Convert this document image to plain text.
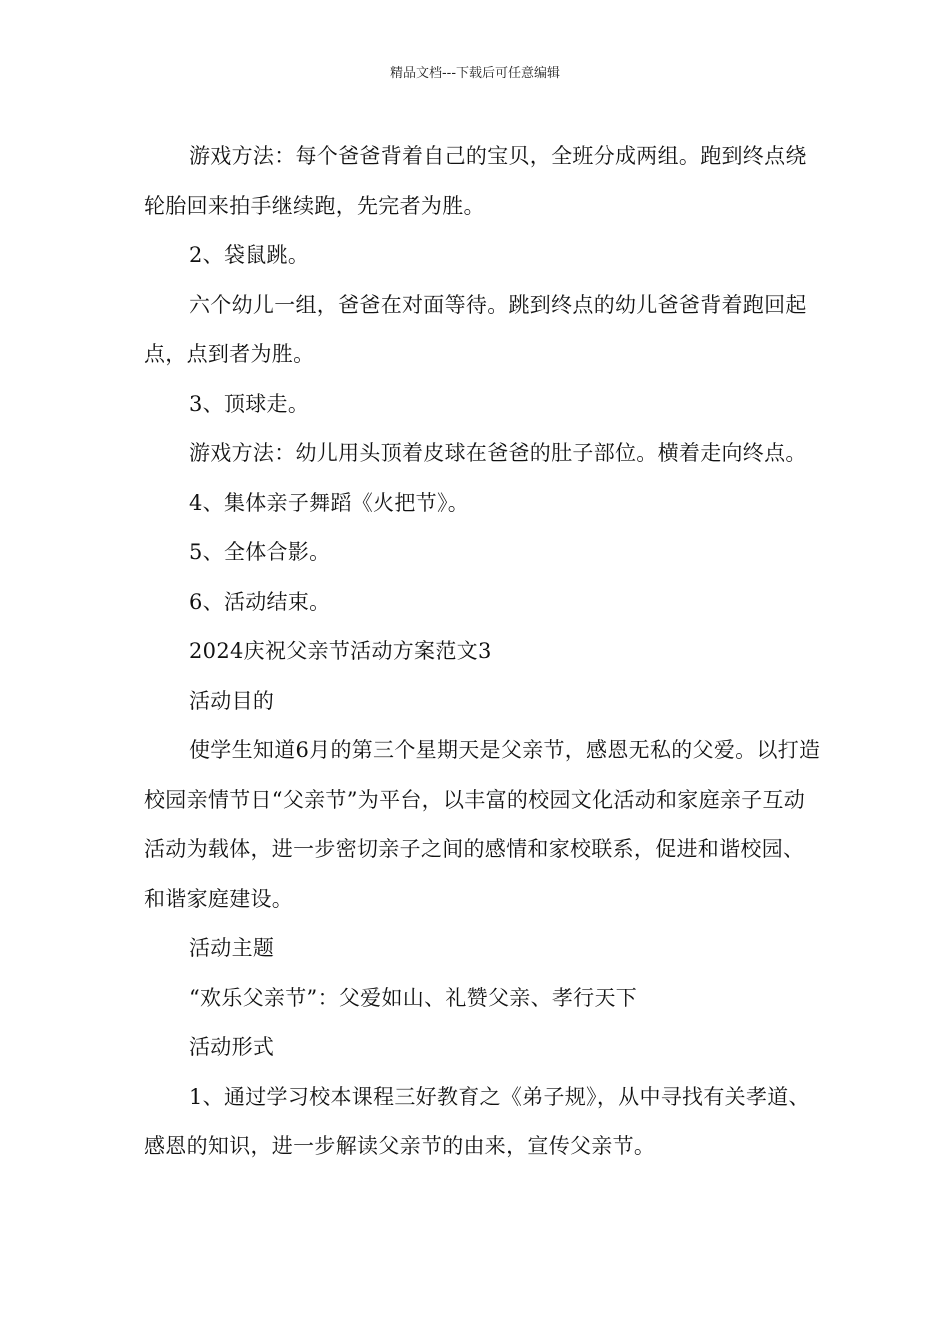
精品文档---下载后可任意编辑

游戏方法：每个爸爸背着自己的宝贝，全班分成两组。跑到终点绕轮胎回来拍手继续跑，先完者为胜。

2、袋鼠跳。

六个幼儿一组，爸爸在对面等待。跳到终点的幼儿爸爸背着跑回起点，点到者为胜。

3、顶球走。

游戏方法：幼儿用头顶着皮球在爸爸的肚子部位。横着走向终点。

4、集体亲子舞蹈《火把节》。

5、全体合影。

6、活动结束。

2024庆祝父亲节活动方案范文3

活动目的

使学生知道6月的第三个星期天是父亲节，感恩无私的父爱。以打造校园亲情节日“父亲节”为平台，以丰富的校园文化活动和家庭亲子互动活动为载体，进一步密切亲子之间的感情和家校联系，促进和谐校园、和谐家庭建设。

活动主题

“欢乐父亲节”：父爱如山、礼赞父亲、孝行天下

活动形式

1、通过学习校本课程三好教育之《弟子规》，从中寻找有关孝道、感恩的知识，进一步解读父亲节的由来，宣传父亲节。
